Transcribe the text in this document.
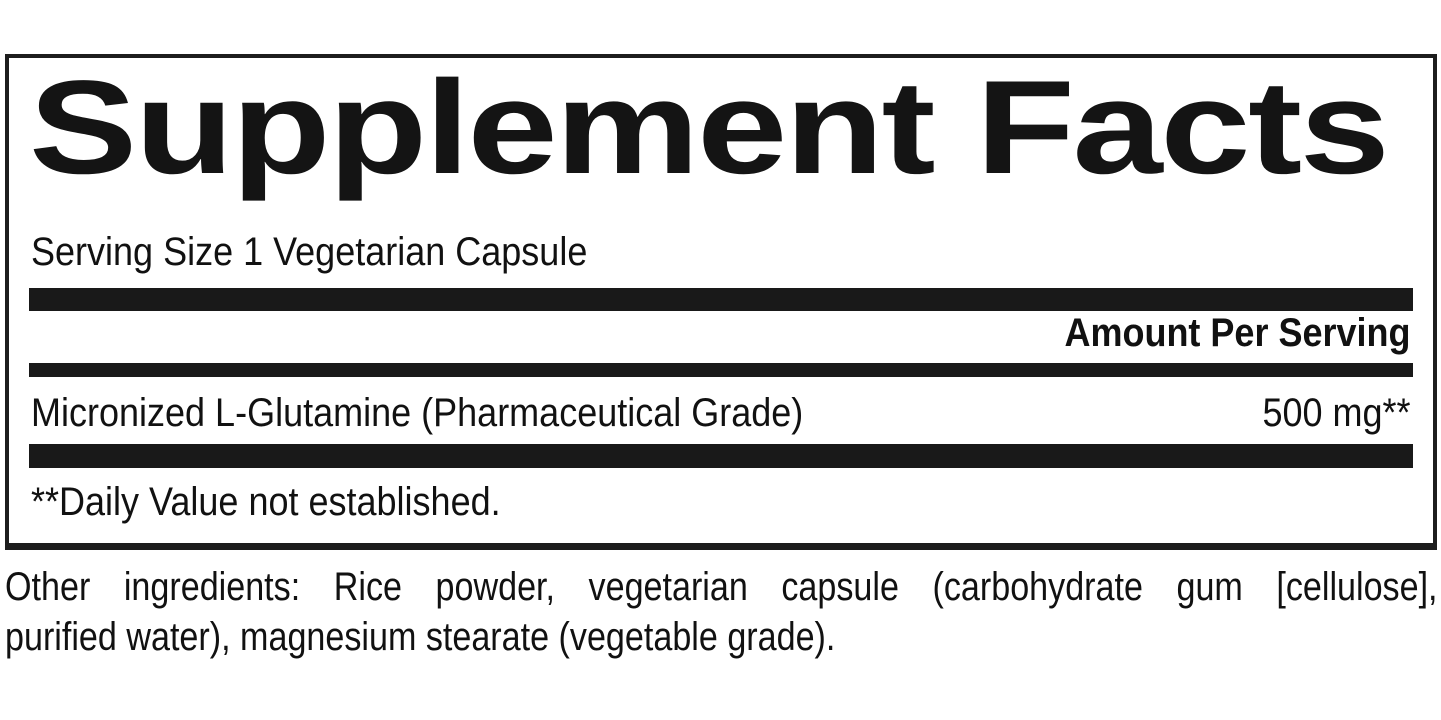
Supplement Facts
Serving Size 1 Vegetarian Capsule
Amount Per Serving
Micronized L-Glutamine (Pharmaceutical Grade)	500 mg**
**Daily Value not established.
Other ingredients: Rice powder, vegetarian capsule (carbohydrate gum [cellulose],
purified water), magnesium stearate (vegetable grade).
